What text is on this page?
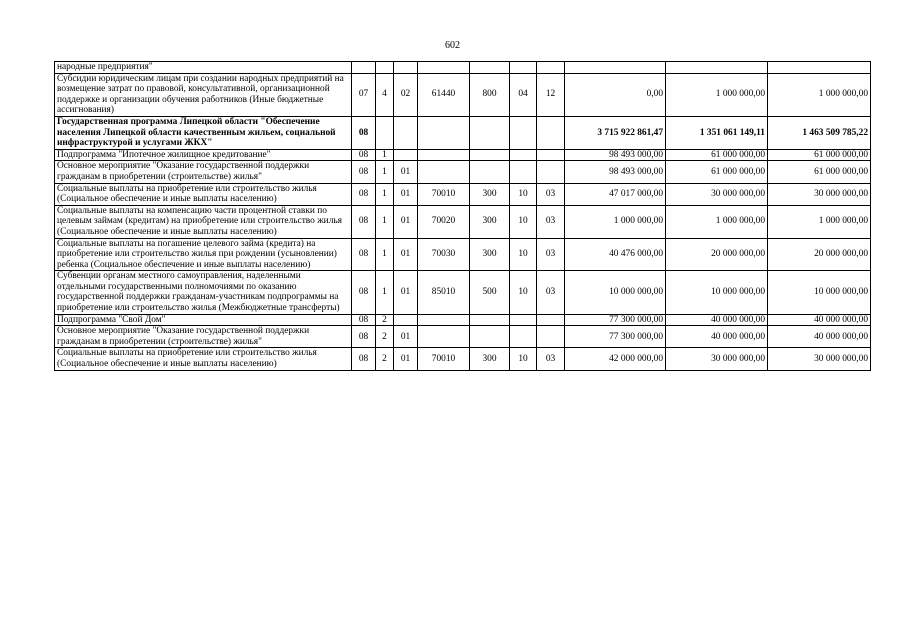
602
народные предприятия"										
Субсидии юридическим лицам при создании народных предприятий на возмещение затрат по правовой, консультативной, организационной поддержке и организации обучения работников (Иные бюджетные ассигнования)	07	4	02	61440	800	04	12	0,00	1 000 000,00	1 000 000,00
Государственная программа Липецкой области "Обеспечение населения Липецкой области качественным жильем, социальной инфраструктурой и услугами ЖКХ"	08							3 715 922 861,47	1 351 061 149,11	1 463 509 785,22
Подпрограмма "Ипотечное жилищное кредитование"	08	1						98 493 000,00	61 000 000,00	61 000 000,00
Основное мероприятие "Оказание государственной поддержки гражданам в приобретении (строительстве) жилья"	08	1	01					98 493 000,00	61 000 000,00	61 000 000,00
Социальные выплаты на приобретение или строительство жилья (Социальное обеспечение и иные выплаты населению)	08	1	01	70010	300	10	03	47 017 000,00	30 000 000,00	30 000 000,00
Социальные выплаты на компенсацию части процентной ставки по целевым займам (кредитам) на приобретение или строительство жилья (Социальное обеспечение и иные выплаты населению)	08	1	01	70020	300	10	03	1 000 000,00	1 000 000,00	1 000 000,00
Социальные выплаты на погашение целевого займа (кредита) на приобретение или строительство жилья при рождении (усыновлении) ребенка (Социальное обеспечение и иные выплаты населению)	08	1	01	70030	300	10	03	40 476 000,00	20 000 000,00	20 000 000,00
Субвенции органам местного самоуправления, наделенными отдельными государственными полномочиями по оказанию государственной поддержки гражданам-участникам подпрограммы на приобретение или строительство жилья (Межбюджетные трансферты)	08	1	01	85010	500	10	03	10 000 000,00	10 000 000,00	10 000 000,00
Подпрограмма "Свой Дом"	08	2						77 300 000,00	40 000 000,00	40 000 000,00
Основное мероприятие "Оказание государственной поддержки гражданам в приобретении (строительстве) жилья"	08	2	01					77 300 000,00	40 000 000,00	40 000 000,00
Социальные выплаты на приобретение или строительство жилья (Социальное обеспечение и иные выплаты населению)	08	2	01	70010	300	10	03	42 000 000,00	30 000 000,00	30 000 000,00
